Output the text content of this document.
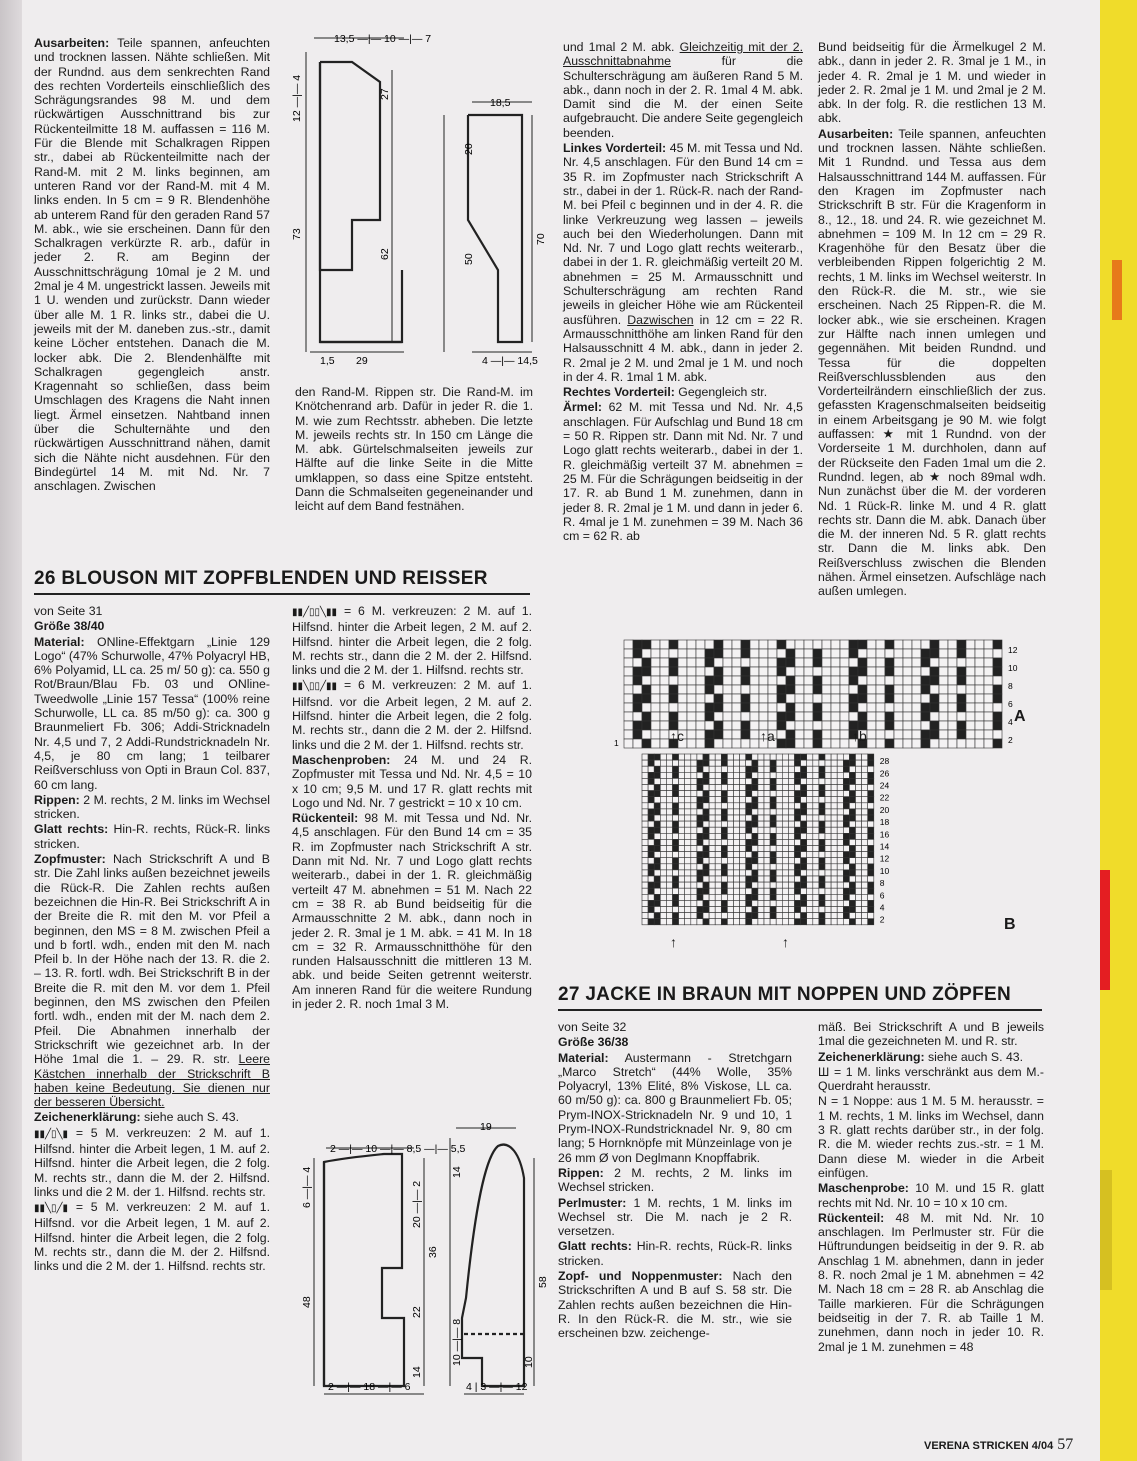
Ausarbeiten: Teile spannen, anfeuchten und trocknen lassen. Nähte schließen. Mit der Rundnd. aus dem senkrechten Rand des rechten Vorderteils einschließlich des Schrägungsrandes 98 M. und dem rückwärtigen Ausschnittrand bis zur Rückenteilmitte 18 M. auffassen = 116 M. Für die Blende mit Schalkragen Rippen str., dabei ab Rückenteilmitte nach der Rand-M. mit 2 M. links beginnen, am unteren Rand vor der Rand-M. mit 4 M. links enden. In 5 cm = 9 R. Blendenhöhe ab unterem Rand für den geraden Rand 57 M. abk., wie sie erscheinen. Dann für den Schalkragen verkürzte R. arb., dafür in jeder 2. R. am Beginn der Ausschnittschrägung 10mal je 2 M. und 2mal je 4 M. ungestrickt lassen. Jeweils mit 1 U. wenden und zurückstr. Dann wieder über alle M. 1 R. links str., dabei die U. jeweils mit der M. daneben zus.-str., damit keine Löcher entstehen. Danach die M. locker abk. Die 2. Blendenhälfte mit Schalkragen gegengleich anstr. Kragennaht so schließen, dass beim Umschlagen des Kragens die Naht innen liegt. Ärmel einsetzen. Nahtband innen über die Schulternähte und den rückwärtigen Ausschnittrand nähen, damit sich die Nähte nicht ausdehnen. Für den Bindegürtel 14 M. mit Nd. Nr. 7 anschlagen. Zwischen

13,5 —|— 10 —|— 7
12 —|— 4
73
27
62
1,5 29
18,5
20
50
70
4 —|— 14,5

den Rand-M. Rippen str. Die Rand-M. im Knötchenrand arb. Dafür in jeder R. die 1. M. wie zum Rechtsstr. abheben. Die letzte M. jeweils rechts str. In 150 cm Länge die M. abk. Gürtelschmalseiten jeweils zur Hälfte auf die linke Seite in die Mitte umklappen, so dass eine Spitze entsteht. Dann die Schmalseiten gegeneinander und leicht auf dem Band festnähen.

und 1mal 2 M. abk. Gleichzeitig mit der 2. Ausschnittabnahme für die Schulterschrägung am äußeren Rand 5 M. abk., dann noch in der 2. R. 1mal 4 M. abk. Damit sind die M. der einen Seite aufgebraucht. Die andere Seite gegengleich beenden.

Linkes Vorderteil: 45 M. mit Tessa und Nd. Nr. 4,5 anschlagen. Für den Bund 14 cm = 35 R. im Zopfmuster nach Strickschrift A str., dabei in der 1. Rück-R. nach der Rand-M. bei Pfeil c beginnen und in der 4. R. die linke Verkreuzung weg lassen – jeweils auch bei den Wiederholungen. Dann mit Nd. Nr. 7 und Logo glatt rechts weiterarb., dabei in der 1. R. gleichmäßig verteilt 20 M. abnehmen = 25 M. Armausschnitt und Schulterschrägung am rechten Rand jeweils in gleicher Höhe wie am Rückenteil ausführen. Dazwischen in 12 cm = 22 R. Armausschnitthöhe am linken Rand für den Halsausschnitt 4 M. abk., dann in jeder 2. R. 2mal je 2 M. und 2mal je 1 M. und noch in der 4. R. 1mal 1 M. abk.

Rechtes Vorderteil: Gegengleich str.

Ärmel: 62 M. mit Tessa und Nd. Nr. 4,5 anschlagen. Für Aufschlag und Bund 18 cm = 50 R. Rippen str. Dann mit Nd. Nr. 7 und Logo glatt rechts weiterarb., dabei in der 1. R. gleichmäßig verteilt 37 M. abnehmen = 25 M. Für die Schrägungen beidseitig in der 17. R. ab Bund 1 M. zunehmen, dann in jeder 8. R. 2mal je 1 M. und dann in jeder 6. R. 4mal je 1 M. zunehmen = 39 M. Nach 36 cm = 62 R. ab

Bund beidseitig für die Ärmelkugel 2 M. abk., dann in jeder 2. R. 3mal je 1 M., in jeder 4. R. 2mal je 1 M. und wieder in jeder 2. R. 2mal je 1 M. und 2mal je 2 M. abk. In der folg. R. die restlichen 13 M. abk.

Ausarbeiten: Teile spannen, anfeuchten und trocknen lassen. Nähte schließen. Mit 1 Rundnd. und Tessa aus dem Halsausschnittrand 144 M. auffassen. Für den Kragen im Zopfmuster nach Strickschrift B str. Für die Kragenform in 8., 12., 18. und 24. R. wie gezeichnet M. abnehmen = 109 M. In 12 cm = 29 R. Kragenhöhe für den Besatz über die verbleibenden Rippen folgerichtig 2 M. rechts, 1 M. links im Wechsel weiterstr. In den Rück-R. die M. str., wie sie erscheinen. Nach 25 Rippen-R. die M. locker abk., wie sie erscheinen. Kragen zur Hälfte nach innen umlegen und gegennähen. Mit beiden Rundnd. und Tessa für die doppelten Reißverschlussblenden aus den Vorderteilrändern einschließlich der zus. gefassten Kragenschmalseiten beidseitig in einem Arbeitsgang je 90 M. wie folgt auffassen: ★ mit 1 Rundnd. von der Vorderseite 1 M. durchholen, dann auf der Rückseite den Faden 1mal um die 2. Rundnd. legen, ab ★ noch 89mal wdh. Nun zunächst über die M. der vorderen Nd. 1 Rück-R. linke M. und 4 R. glatt rechts str. Dann die M. abk. Danach über die M. der inneren Nd. 5 R. glatt rechts str. Dann die M. links abk. Den Reißverschluss zwischen die Blenden nähen. Ärmel einsetzen. Aufschläge nach außen umlegen.

26 BLOUSON MIT ZOPFBLENDEN UND REISSER

von Seite 31

Größe 38/40

Material: ONline-Effektgarn „Linie 129 Logo“ (47% Schurwolle, 47% Polyacryl HB, 6% Polyamid, LL ca. 25 m/ 50 g): ca. 550 g Rot/Braun/Blau Fb. 03 und ONline-Tweedwolle „Linie 157 Tessa“ (100% reine Schurwolle, LL ca. 85 m/50 g): ca. 300 g Braunmeliert Fb. 306; Addi-Stricknadeln Nr. 4,5 und 7, 2 Addi-Rundstricknadeln Nr. 4,5, je 80 cm lang; 1 teilbarer Reißverschluss von Opti in Braun Col. 837, 60 cm lang.

Rippen: 2 M. rechts, 2 M. links im Wechsel stricken.

Glatt rechts: Hin-R. rechts, Rück-R. links stricken.

Zopfmuster: Nach Strickschrift A und B str. Die Zahl links außen bezeichnet jeweils die Rück-R. Die Zahlen rechts außen bezeichnen die Hin-R. Bei Strickschrift A in der Breite die R. mit den M. vor Pfeil a beginnen, den MS = 8 M. zwischen Pfeil a und b fortl. wdh., enden mit den M. nach Pfeil b. In der Höhe nach der 13. R. die 2. – 13. R. fortl. wdh. Bei Strickschrift B in der Breite die R. mit den M. vor dem 1. Pfeil beginnen, den MS zwischen den Pfeilen fortl. wdh., enden mit der M. nach dem 2. Pfeil. Die Abnahmen innerhalb der Strickschrift wie gezeichnet arb. In der Höhe 1mal die 1. – 29. R. str. Leere Kästchen innerhalb der Strickschrift B haben keine Bedeutung. Sie dienen nur der besseren Übersicht.

Zeichenerklärung: siehe auch S. 43.

▮▮╱▯╲▮ = 5 M. verkreuzen: 2 M. auf 1. Hilfsnd. hinter die Arbeit legen, 1 M. auf 2. Hilfsnd. hinter die Arbeit legen, die 2 folg. M. rechts str., dann die M. der 2. Hilfsnd. links und die 2 M. der 1. Hilfsnd. rechts str.

▮▮╲▯╱▮ = 5 M. verkreuzen: 2 M. auf 1. Hilfsnd. vor die Arbeit legen, 1 M. auf 2. Hilfsnd. hinter die Arbeit legen, die 2 folg. M. rechts str., dann die M. der 2. Hilfsnd. links und die 2 M. der 1. Hilfsnd. rechts str.

▮▮╱▯▯╲▮▮ = 6 M. verkreuzen: 2 M. auf 1. Hilfsnd. hinter die Arbeit legen, 2 M. auf 2. Hilfsnd. hinter die Arbeit legen, die 2 folg. M. rechts str., dann die 2 M. der 2. Hilfsnd. links und die 2 M. der 1. Hilfsnd. rechts str.

▮▮╲▯▯╱▮▮ = 6 M. verkreuzen: 2 M. auf 1. Hilfsnd. vor die Arbeit legen, 2 M. auf 2. Hilfsnd. hinter die Arbeit legen, die 2 folg. M. rechts str., dann die 2 M. der 2. Hilfsnd. links und die 2 M. der 1. Hilfsnd. rechts str.

Maschenproben: 24 M. und 24 R. Zopfmuster mit Tessa und Nd. Nr. 4,5 = 10 x 10 cm; 9,5 M. und 17 R. glatt rechts mit Logo und Nd. Nr. 7 gestrickt = 10 x 10 cm.

Rückenteil: 98 M. mit Tessa und Nd. Nr. 4,5 anschlagen. Für den Bund 14 cm = 35 R. im Zopfmuster nach Strickschrift A str. Dann mit Nd. Nr. 7 und Logo glatt rechts weiterarb., dabei in der 1. R. gleichmäßig verteilt 47 M. abnehmen = 51 M. Nach 22 cm = 38 R. ab Bund beidseitig für die Armausschnitte 2 M. abk., dann noch in jeder 2. R. 3mal je 1 M. abk. = 41 M. In 18 cm = 32 R. Armausschnitthöhe für den runden Halsausschnitt die mittleren 13 M. abk. und beide Seiten getrennt weiterstr. Am inneren Rand für die weitere Rundung in jeder 2. R. noch 1mal 3 M.

12
10
8
6
4
2
1
A
↑c	↑a	↑b
28
26
24
22
20
18
16
14
12
10
8
6
4
2	B
↑	↑
2 —|— 10 —|— 8,5 —|— 5,5
6 —|— 4
48
20 —|— 2
36
22
14
2 —|— 18 —|— 6
19
14
58
10 —|— 8	10
4 | 3 —|— 12
27 JACKE IN BRAUN MIT NOPPEN UND ZÖPFEN

von Seite 32

Größe 36/38

Material: Austermann - Stretchgarn „Marco Stretch“ (44% Wolle, 35% Polyacryl, 13% Elité, 8% Viskose, LL ca. 60 m/50 g): ca. 800 g Braunmeliert Fb. 05; Prym-INOX-Stricknadeln Nr. 9 und 10, 1 Prym-INOX-Rundstricknadel Nr. 9, 80 cm lang; 5 Hornknöpfe mit Münzeinlage von je 26 mm Ø von Deglmann Knopffabrik.

Rippen: 2 M. rechts, 2 M. links im Wechsel stricken.

Perlmuster: 1 M. rechts, 1 M. links im Wechsel str. Die M. nach je 2 R. versetzen.

Glatt rechts: Hin-R. rechts, Rück-R. links stricken.

Zopf- und Noppenmuster: Nach den Strickschriften A und B auf S. 58 str. Die Zahlen rechts außen bezeichnen die Hin-R. In den Rück-R. die M. str., wie sie erscheinen bzw. zeichenge-

mäß. Bei Strickschrift A und B jeweils 1mal die gezeichneten M. und R. str.

Zeichenerklärung: siehe auch S. 43.

Ш = 1 M. links verschränkt aus dem M.-Querdraht herausstr.

N = 1 Noppe: aus 1 M. 5 M. herausstr. = 1 M. rechts, 1 M. links im Wechsel, dann 3 R. glatt rechts darüber str., in der folg. R. die M. wieder rechts zus.-str. = 1 M. Dann diese M. wieder in die Arbeit einfügen.

Maschenprobe: 10 M. und 15 R. glatt rechts mit Nd. Nr. 10 = 10 x 10 cm.

Rückenteil: 48 M. mit Nd. Nr. 10 anschlagen. Im Perlmuster str. Für die Hüftrundungen beidseitig in der 9. R. ab Anschlag 1 M. abnehmen, dann in jeder 8. R. noch 2mal je 1 M. abnehmen = 42 M. Nach 18 cm = 28 R. ab Anschlag die Taille markieren. Für die Schrägungen beidseitig in der 7. R. ab Taille 1 M. zunehmen, dann noch in jeder 10. R. 2mal je 1 M. zunehmen = 48

VERENA STRICKEN 4/04 57
